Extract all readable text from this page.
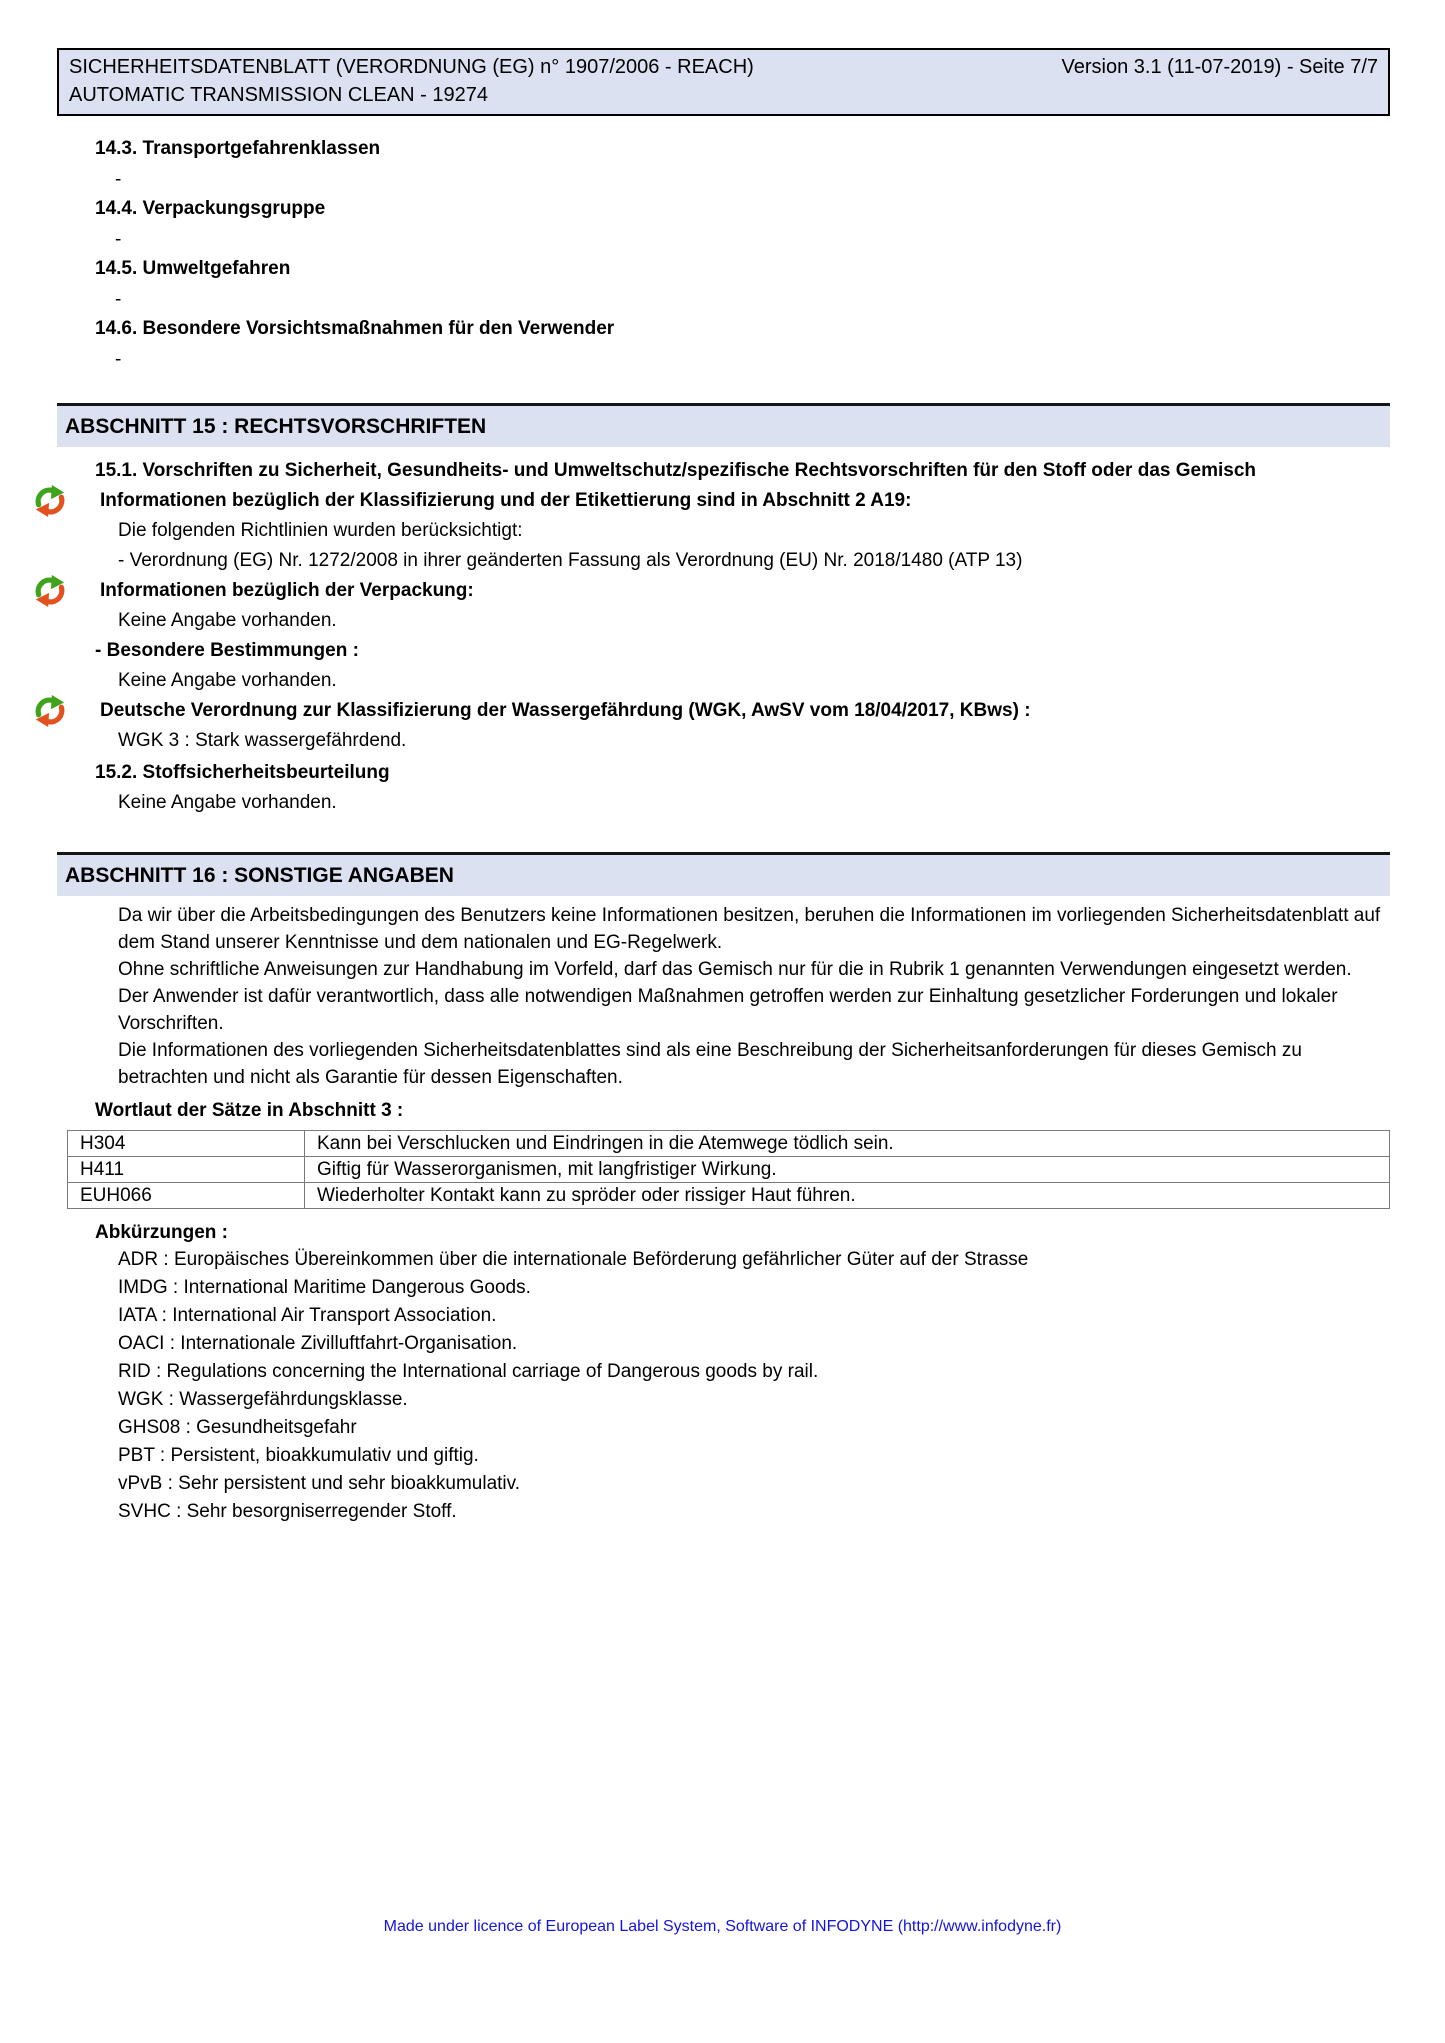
SICHERHEITSDATENBLATT (VERORDNUNG (EG) n° 1907/2006 - REACH)	Version 3.1 (11-07-2019) - Seite 7/7
AUTOMATIC TRANSMISSION CLEAN - 19274
14.3. Transportgefahrenklassen
-
14.4. Verpackungsgruppe
-
14.5. Umweltgefahren
-
14.6. Besondere Vorsichtsmaßnahmen für den Verwender
-
ABSCHNITT 15 : RECHTSVORSCHRIFTEN
15.1. Vorschriften zu Sicherheit, Gesundheits- und Umweltschutz/spezifische Rechtsvorschriften für den Stoff oder das Gemisch
Informationen bezüglich der Klassifizierung und der Etikettierung sind in Abschnitt 2 A19:
Die folgenden Richtlinien wurden berücksichtigt:
- Verordnung (EG) Nr. 1272/2008 in ihrer geänderten Fassung als Verordnung (EU) Nr. 2018/1480 (ATP 13)
Informationen bezüglich der Verpackung:
Keine Angabe vorhanden.
- Besondere Bestimmungen :
Keine Angabe vorhanden.
Deutsche Verordnung zur Klassifizierung der Wassergefährdung (WGK, AwSV vom 18/04/2017, KBws) :
WGK 3 : Stark wassergefährdend.
15.2. Stoffsicherheitsbeurteilung
Keine Angabe vorhanden.
ABSCHNITT 16 : SONSTIGE ANGABEN
Da wir über die Arbeitsbedingungen des Benutzers keine Informationen besitzen, beruhen die Informationen im vorliegenden Sicherheitsdatenblatt auf dem Stand unserer Kenntnisse und dem nationalen und EG-Regelwerk.
Ohne schriftliche Anweisungen zur Handhabung im Vorfeld, darf das Gemisch nur für die in Rubrik 1 genannten Verwendungen eingesetzt werden.
Der Anwender ist dafür verantwortlich, dass alle notwendigen Maßnahmen getroffen werden zur Einhaltung gesetzlicher Forderungen und lokaler Vorschriften.
Die Informationen des vorliegenden Sicherheitsdatenblattes sind als eine Beschreibung der Sicherheitsanforderungen für dieses Gemisch zu betrachten und nicht als Garantie für dessen Eigenschaften.
Wortlaut der Sätze in Abschnitt 3 :
H304	Kann bei Verschlucken und Eindringen in die Atemwege tödlich sein.
H411	Giftig für Wasserorganismen, mit langfristiger Wirkung.
EUH066	Wiederholter Kontakt kann zu spröder oder rissiger Haut führen.
Abkürzungen :
ADR : Europäisches Übereinkommen über die internationale Beförderung gefährlicher Güter auf der Strasse
IMDG : International Maritime Dangerous Goods.
IATA : International Air Transport Association.
OACI : Internationale Zivilluftfahrt-Organisation.
RID : Regulations concerning the International carriage of Dangerous goods by rail.
WGK : Wassergefährdungsklasse.
GHS08 : Gesundheitsgefahr
PBT : Persistent, bioakkumulativ und giftig.
vPvB : Sehr persistent und sehr bioakkumulativ.
SVHC : Sehr besorgniserregender Stoff.
Made under licence of European Label System, Software of INFODYNE (http://www.infodyne.fr)
